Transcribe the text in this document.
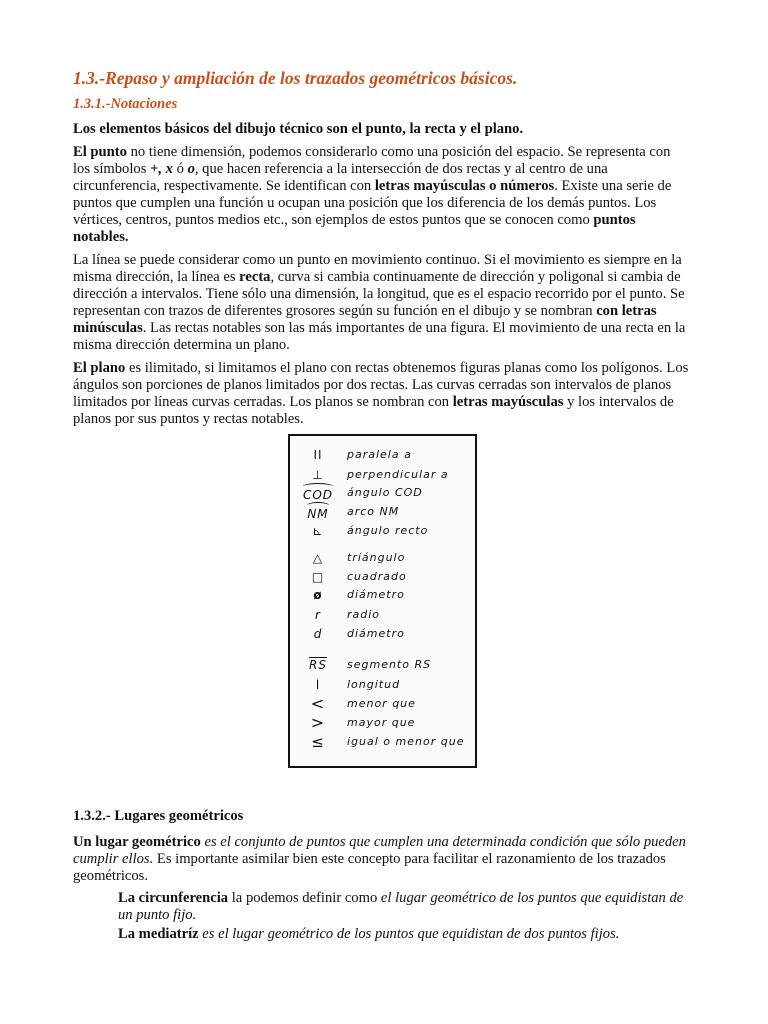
1.3.-Repaso y ampliación de los trazados geométricos básicos.
1.3.1.-Notaciones

Los elementos básicos del dibujo técnico son el punto, la recta y el plano.

El punto no tiene dimensión, podemos considerarlo como una posición del espacio. Se representa con los símbolos +, x ó o, que hacen referencia a la intersección de dos rectas y al centro de una circunferencia, respectivamente. Se identifican con letras mayúsculas o números. Existe una serie de puntos que cumplen una función u ocupan una posición que los diferencia de los demás puntos. Los vértices, centros, puntos medios etc., son ejemplos de estos puntos que se conocen como puntos notables.

La línea se puede considerar como un punto en movimiento continuo. Si el movimiento es siempre en la misma dirección, la línea es recta, curva si cambia continuamente de dirección y poligonal si cambia de dirección a intervalos. Tiene sólo una dimensión, la longitud, que es el espacio recorrido por el punto. Se representan con trazos de diferentes grosores según su función en el dibujo y se nombran con letras minúsculas. Las rectas notables son las más importantes de una figura. El movimiento de una recta en la misma dirección determina un plano.

El plano es ilimitado, si limitamos el plano con rectas obtenemos figuras planas como los polígonos. Los ángulos son porciones de planos limitados por dos rectas. Las curvas cerradas son intervalos de planos limitados por líneas curvas cerradas. Los planos se nombran con letras mayúsculas y los intervalos de planos por sus puntos y rectas notables.

1.3.2.- Lugares geométricos

Un lugar geométrico es el conjunto de puntos que cumplen una determinada condición que sólo pueden cumplir ellos. Es importante asimilar bien este concepto para facilitar el razonamiento de los trazados geométricos.

La circunferencia la podemos definir como el lugar geométrico de los puntos que equidistan de un punto fijo.

La mediatríz es el lugar geométrico de los puntos que equidistan de dos puntos fijos.

II	paralela a
⊥	perpendicular a
COD	ángulo COD
NM	arco NM
⊾	ángulo recto
△	triángulo
□	cuadrado
ø	diámetro
r	radio
d	diámetro
$\overline{RS}$	segmento RS
l	longitud
<	menor que
>	mayor que
≤	igual o menor que
